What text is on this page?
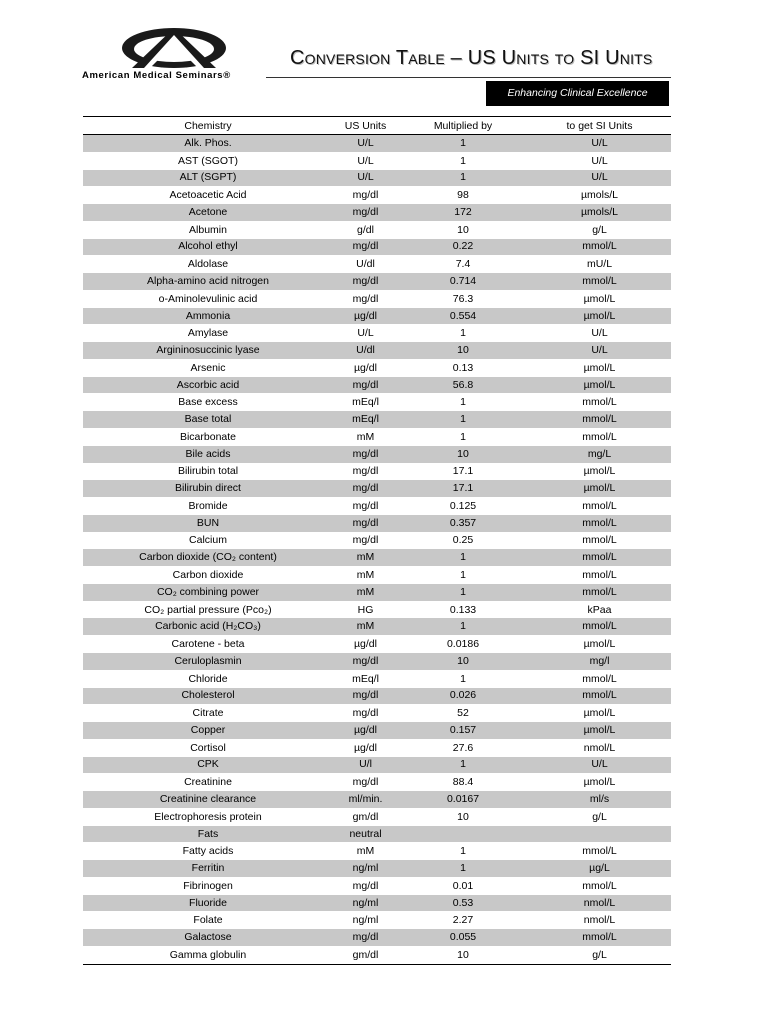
American Medical Seminars®
Conversion Table – US Units to SI Units
Enhancing Clinical Excellence
Chemistry	US Units	Multiplied by	to get SI Units
Alk. Phos.	U/L	1	U/L
AST (SGOT)	U/L	1	U/L
ALT (SGPT)	U/L	1	U/L
Acetoacetic Acid	mg/dl	98	µmols/L
Acetone	mg/dl	172	µmols/L
Albumin	g/dl	10	g/L
Alcohol ethyl	mg/dl	0.22	mmol/L
Aldolase	U/dl	7.4	mU/L
Alpha-amino acid nitrogen	mg/dl	0.714	mmol/L
o-Aminolevulinic acid	mg/dl	76.3	µmol/L
Ammonia	µg/dl	0.554	µmol/L
Amylase	U/L	1	U/L
Argininosuccinic lyase	U/dl	10	U/L
Arsenic	µg/dl	0.13	µmol/L
Ascorbic acid	mg/dl	56.8	µmol/L
Base excess	mEq/l	1	mmol/L
Base total	mEq/l	1	mmol/L
Bicarbonate	mM	1	mmol/L
Bile acids	mg/dl	10	mg/L
Bilirubin total	mg/dl	17.1	µmol/L
Bilirubin direct	mg/dl	17.1	µmol/L
Bromide	mg/dl	0.125	mmol/L
BUN	mg/dl	0.357	mmol/L
Calcium	mg/dl	0.25	mmol/L
Carbon dioxide (CO₂ content)	mM	1	mmol/L
Carbon dioxide	mM	1	mmol/L
CO₂ combining power	mM	1	mmol/L
CO₂ partial pressure (Pco₂)	HG	0.133	kPaa
Carbonic acid (H₂CO₃)	mM	1	mmol/L
Carotene - beta	µg/dl	0.0186	µmol/L
Ceruloplasmin	mg/dl	10	mg/l
Chloride	mEq/l	1	mmol/L
Cholesterol	mg/dl	0.026	mmol/L
Citrate	mg/dl	52	µmol/L
Copper	µg/dl	0.157	µmol/L
Cortisol	µg/dl	27.6	nmol/L
CPK	U/l	1	U/L
Creatinine	mg/dl	88.4	µmol/L
Creatinine clearance	ml/min.	0.0167	ml/s
Electrophoresis protein	gm/dl	10	g/L
Fats	neutral		
Fatty acids	mM	1	mmol/L
Ferritin	ng/ml	1	µg/L
Fibrinogen	mg/dl	0.01	mmol/L
Fluoride	ng/ml	0.53	nmol/L
Folate	ng/ml	2.27	nmol/L
Galactose	mg/dl	0.055	mmol/L
Gamma globulin	gm/dl	10	g/L
